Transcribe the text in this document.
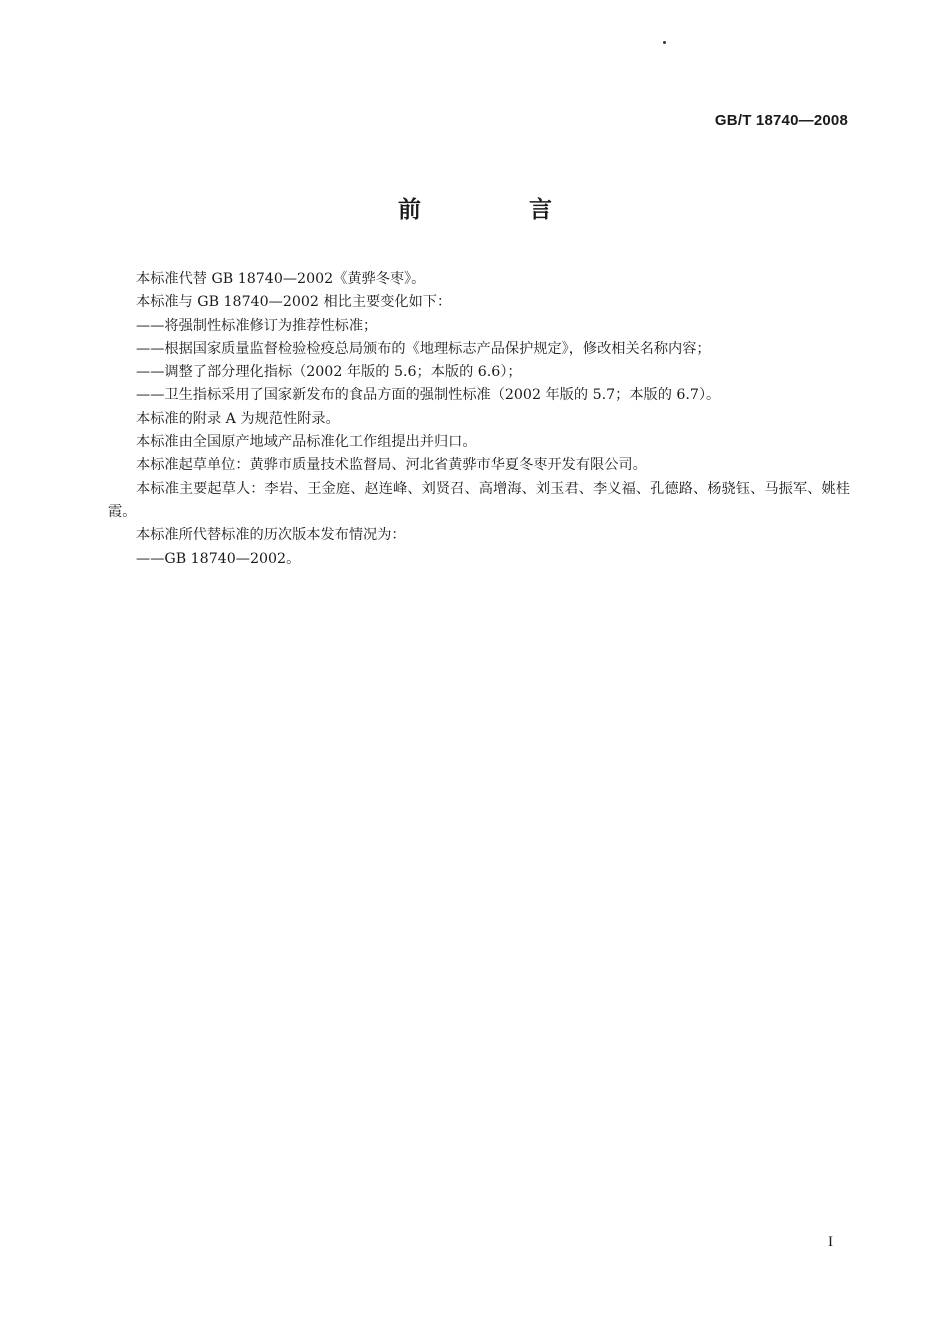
GB/T 18740—2008
前 言

本标准代替 GB 18740—2002《黄骅冬枣》。

本标准与 GB 18740—2002 相比主要变化如下：

——将强制性标准修订为推荐性标准；

——根据国家质量监督检验检疫总局颁布的《地理标志产品保护规定》，修改相关名称内容；

——调整了部分理化指标（2002 年版的 5.6；本版的 6.6）；

——卫生指标采用了国家新发布的食品方面的强制性标准（2002 年版的 5.7；本版的 6.7）。

本标准的附录 A 为规范性附录。

本标准由全国原产地域产品标准化工作组提出并归口。

本标准起草单位：黄骅市质量技术监督局、河北省黄骅市华夏冬枣开发有限公司。

本标准主要起草人：李岩、王金庭、赵连峰、刘贤召、高增海、刘玉君、李义福、孔德路、杨骁钰、马振军、姚桂霞。

本标准所代替标准的历次版本发布情况为：

——GB 18740—2002。

I
